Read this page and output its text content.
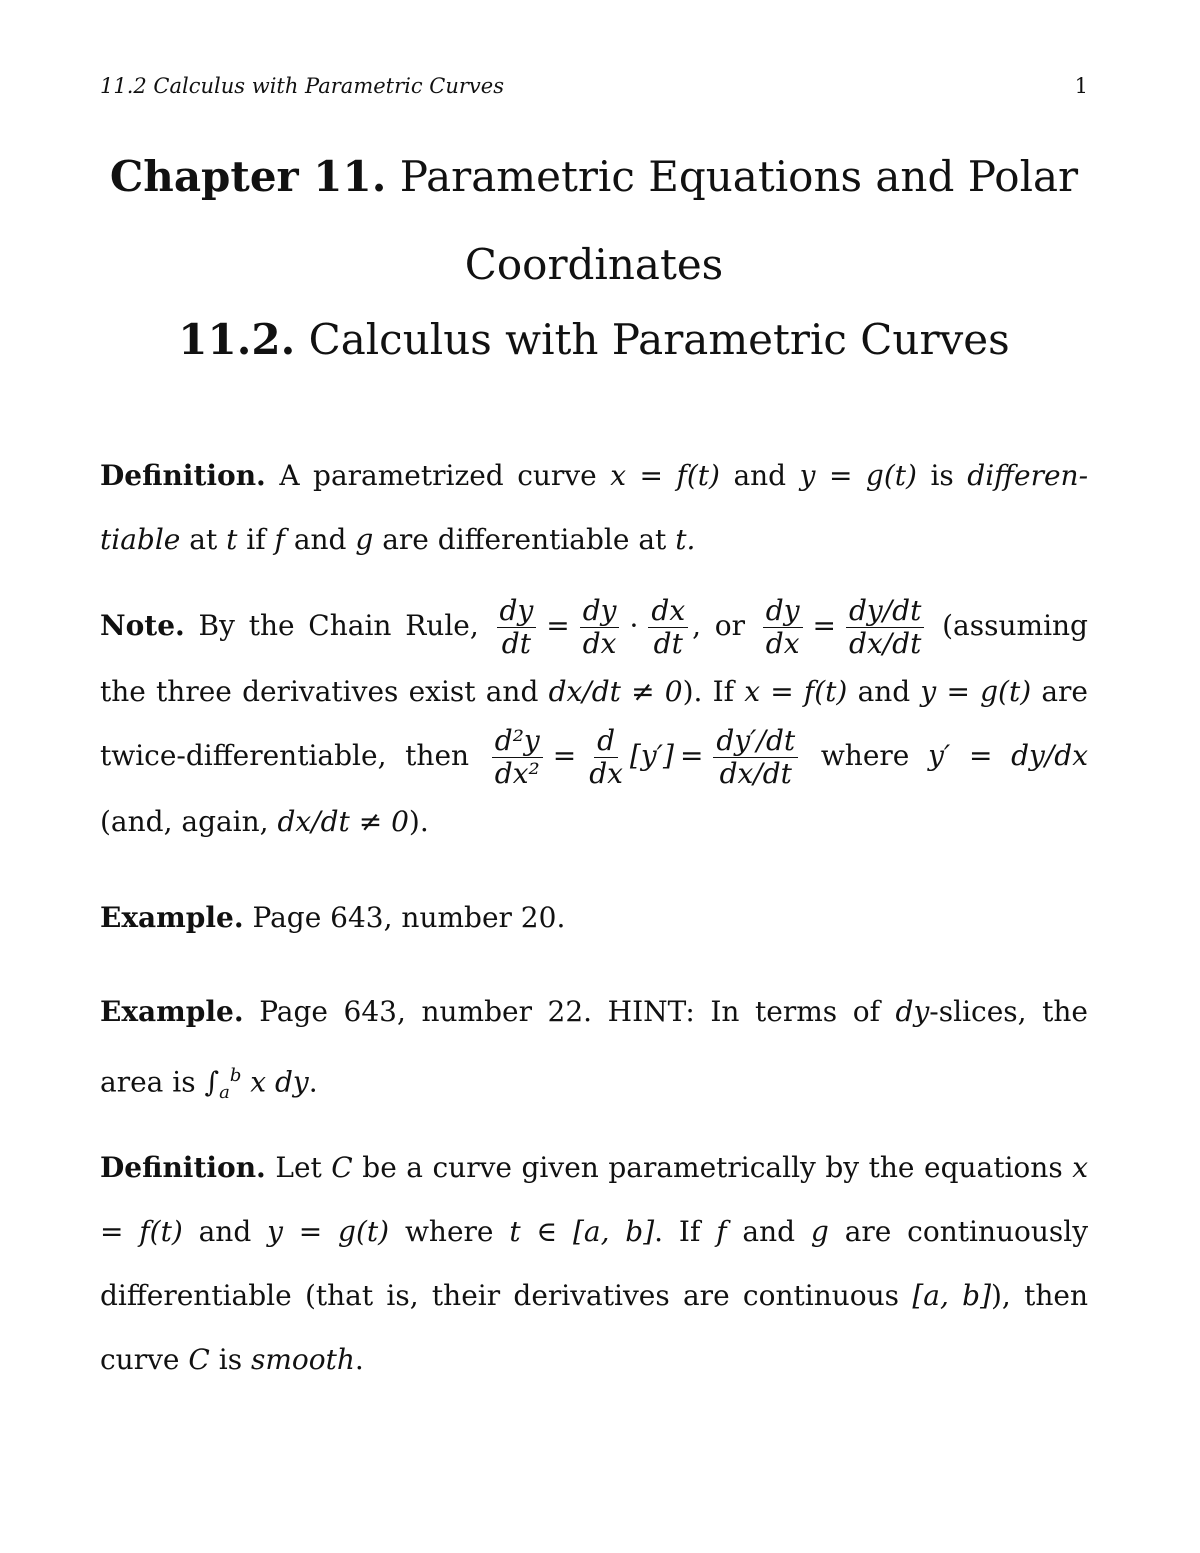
11.2 Calculus with Parametric Curves	1
Chapter 11. Parametric Equations and Polar
Coordinates
11.2. Calculus with Parametric Curves
Definition. A parametrized curve x = f(t) and y = g(t) is differen-tiable at t if f and g are differentiable at t.
Note. By the Chain Rule, $\frac{dy}{dt} = \frac{dy}{dx} \cdot \frac{dx}{dt}$ , or $\frac{dy}{dx} = \frac{dy/dt}{dx/dt}$ (assuming the three derivatives exist and dx/dt ≠ 0). If x = f(t) and y = g(t) are twice-differentiable, then $\frac{\text{d²y}}{\text{dx²}} = \frac{d}{dx} [y'] = \frac{dy'/dt}{dx/dt}$ where y′ = dy/dx (and, again, dx/dt ≠ 0).
Example. Page 643, number 20.
Example. Page 643, number 22. HINT: In terms of dy-slices, the area is $\int_a^b$ x dy.
Definition. Let C be a curve given parametrically by the equations x = f(t) and y = g(t) where t ∈ [a, b]. If f and g are continuously differentiable (that is, their derivatives are continuous [a, b]), then curve C is smooth.
